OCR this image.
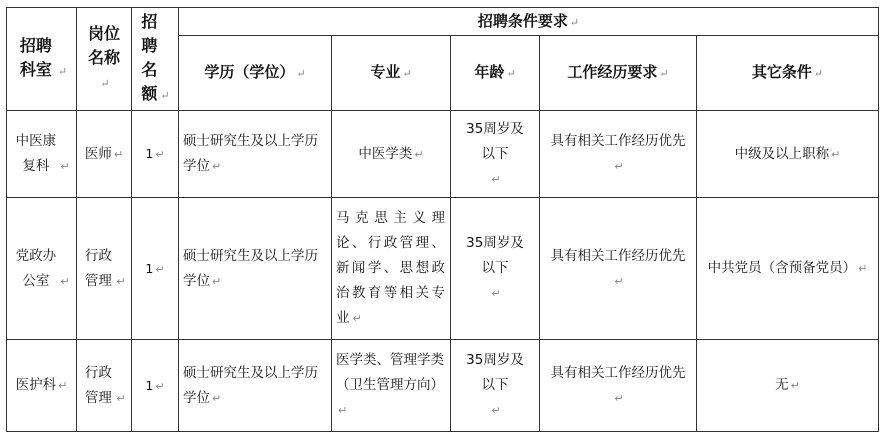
招聘科室 ↵	岗位名称↵	招聘名额 ↵	招聘条件要求 ↵				
			学历（学位） ↵	专业 ↵	年龄 ↵	工作经历要求 ↵	其它条件 ↵
中医康复科 ↵	医师 ↵	1 ↵	硕士研究生及以上学历学位 ↵	中医学类 ↵	35周岁及以下↵	具有相关工作经历优先↵	中级及以上职称 ↵
党政办公室 ↵	行政管理 ↵	1 ↵	硕士研究生及以上学历学位 ↵	马克思主义理论、行政管理、新闻学、思想政治教育等相关专业 ↵	35周岁及以下↵	具有相关工作经历优先↵	中共党员（含预备党员） ↵
医护科 ↵	行政管理 ↵	1 ↵	硕士研究生及以上学历学位 ↵	医学类、管理学类（卫生管理方向）↵	35周岁及以下↵	具有相关工作经历优先↵	无 ↵
